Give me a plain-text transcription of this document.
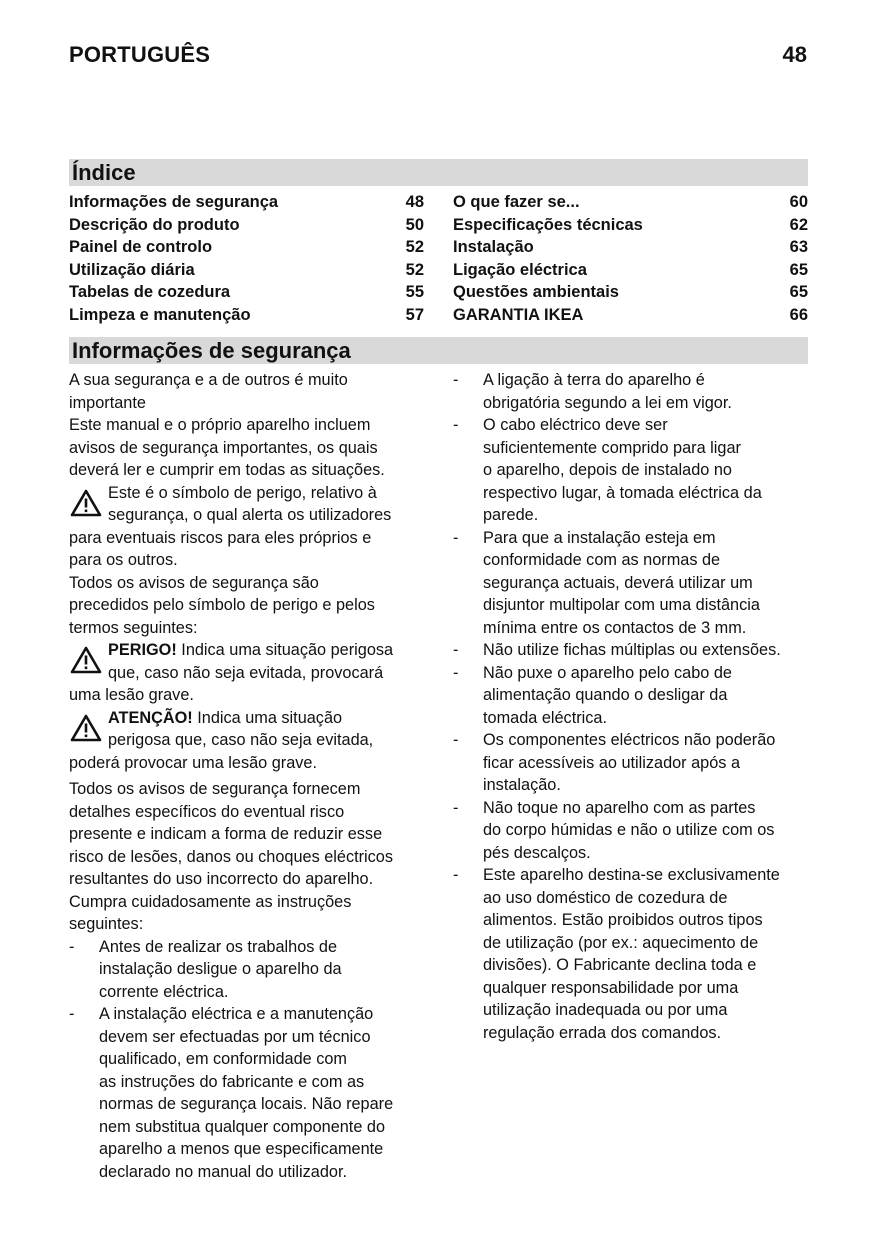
PORTUGUÊS	48
Índice
Informações de segurança	48
Descrição do produto	50
Painel de controlo	52
Utilização diária	52
Tabelas de cozedura	55
Limpeza e manutenção	57
O que fazer se...	60
Especificações técnicas	62
Instalação	63
Ligação eléctrica	65
Questões ambientais	65
GARANTIA IKEA	66
Informações de segurança

A sua segurança e a de outros é muito

importante

Este manual e o próprio aparelho incluem

avisos de segurança importantes, os quais

deverá ler e cumprir em todas as situações.

Este é o símbolo de perigo, relativo à

segurança, o qual alerta os utilizadores

para eventuais riscos para eles próprios e

para os outros.

Todos os avisos de segurança são

precedidos pelo símbolo de perigo e pelos

termos seguintes:

PERIGO! Indica uma situação perigosa

que, caso não seja evitada, provocará

uma lesão grave.

ATENÇÃO! Indica uma situação

perigosa que, caso não seja evitada,

poderá provocar uma lesão grave.

Todos os avisos de segurança fornecem

detalhes específicos do eventual risco

presente e indicam a forma de reduzir esse

risco de lesões, danos ou choques eléctricos

resultantes do uso incorrecto do aparelho.

Cumpra cuidadosamente as instruções

seguintes:

-	Antes de realizar os trabalhos de

instalação desligue o aparelho da

corrente eléctrica.

-	A instalação eléctrica e a manutenção

devem ser efectuadas por um técnico

qualificado, em conformidade com

as instruções do fabricante e com as

normas de segurança locais. Não repare

nem substitua qualquer componente do

aparelho a menos que especificamente

declarado no manual do utilizador.

-	A ligação à terra do aparelho é

obrigatória segundo a lei em vigor.

-	O cabo eléctrico deve ser

suficientemente comprido para ligar

o aparelho, depois de instalado no

respectivo lugar, à tomada eléctrica da

parede.

-	Para que a instalação esteja em

conformidade com as normas de

segurança actuais, deverá utilizar um

disjuntor multipolar com uma distância

mínima entre os contactos de 3 mm.

-	Não utilize fichas múltiplas ou extensões.

-	Não puxe o aparelho pelo cabo de

alimentação quando o desligar da

tomada eléctrica.

-	Os componentes eléctricos não poderão

ficar acessíveis ao utilizador após a

instalação.

-	Não toque no aparelho com as partes

do corpo húmidas e não o utilize com os

pés descalços.

-	Este aparelho destina-se exclusivamente

ao uso doméstico de cozedura de

alimentos. Estão proibidos outros tipos

de utilização (por ex.: aquecimento de

divisões). O Fabricante declina toda e

qualquer responsabilidade por uma

utilização inadequada ou por uma

regulação errada dos comandos.
